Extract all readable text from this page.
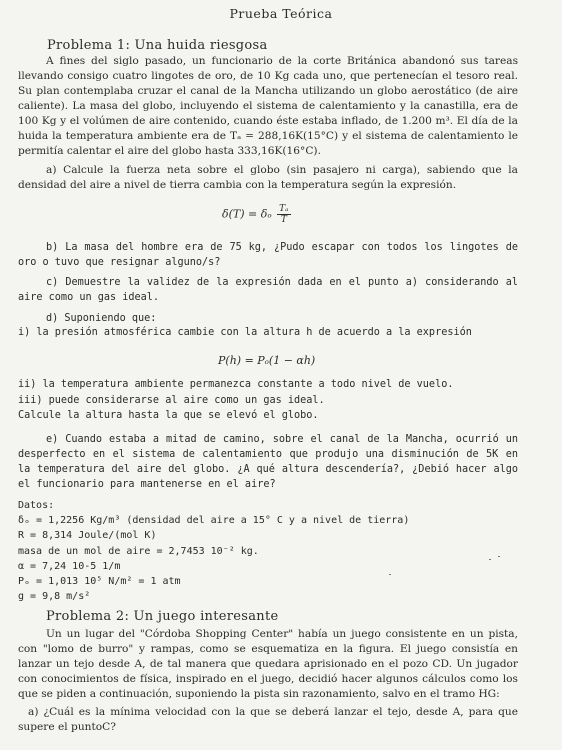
Prueba Teórica
Problema 1: Una huida riesgosa
A fines del siglo pasado, un funcionario de la corte Británica abandonó sus tareas llevando consigo cuatro lingotes de oro, de 10 Kg cada uno, que pertenecían el tesoro real. Su plan contemplaba cruzar el canal de la Mancha utilizando un globo aerostático (de aire caliente). La masa del globo, incluyendo el sistema de calentamiento y la canastilla, era de 100 Kg y el volúmen de aire contenido, cuando éste estaba inflado, de 1.200 m³. El día de la huida la temperatura ambiente era de Tₐ = 288,16K(15°C) y el sistema de calentamiento le permitía calentar el aire del globo hasta 333,16K(16°C).
a) Calcule la fuerza neta sobre el globo (sin pasajero ni carga), sabiendo que la densidad del aire a nivel de tierra cambia con la temperatura según la expresión.
δ(T) = δₒ $\frac{\text{Tₐ}}{T}$
b) La masa del hombre era de 75 kg, ¿Pudo escapar con todos los lingotes de oro o tuvo que resignar alguno/s?
c) Demuestre la validez de la expresión dada en el punto a) considerando al aire como un gas ideal.
d) Suponiendo que:
i) la presión atmosférica cambie con la altura h de acuerdo a la expresión
P(h) = Pₒ(1 − αh)
ii) la temperatura ambiente permanezca constante a todo nivel de vuelo.
iii) puede considerarse al aire como un gas ideal.
Calcule la altura hasta la que se elevó el globo.
e) Cuando estaba a mitad de camino, sobre el canal de la Mancha, ocurrió un desperfecto en el sistema de calentamiento que produjo una disminución de 5K en la temperatura del aire del globo. ¿A qué altura descendería?, ¿Debió hacer algo el funcionario para mantenerse en el aire?
Datos:
δₒ = 1,2256 Kg/m³ (densidad del aire a 15° C y a nivel de tierra)
R = 8,314 Joule/(mol K)
masa de un mol de aire = 2,7453 10⁻² kg.
α = 7,24 10-5 1/m
Pₒ = 1,013 10⁵ N/m² = 1 atm
g = 9,8 m/s²
Problema 2: Un juego interesante
Un un lugar del "Córdoba Shopping Center" había un juego consistente en un pista, con "lomo de burro" y rampas, como se esquematiza en la figura. El juego consistía en lanzar un tejo desde A, de tal manera que quedara aprisionado en el pozo CD. Un jugador con conocimientos de física, inspirado en el juego, decidió hacer algunos cálculos como los que se piden a continuación, suponiendo la pista sin razonamiento, salvo en el tramo HG:
a) ¿Cuál es la mínima velocidad con la que se deberá lanzar el tejo, desde A, para que supere el puntoC?
